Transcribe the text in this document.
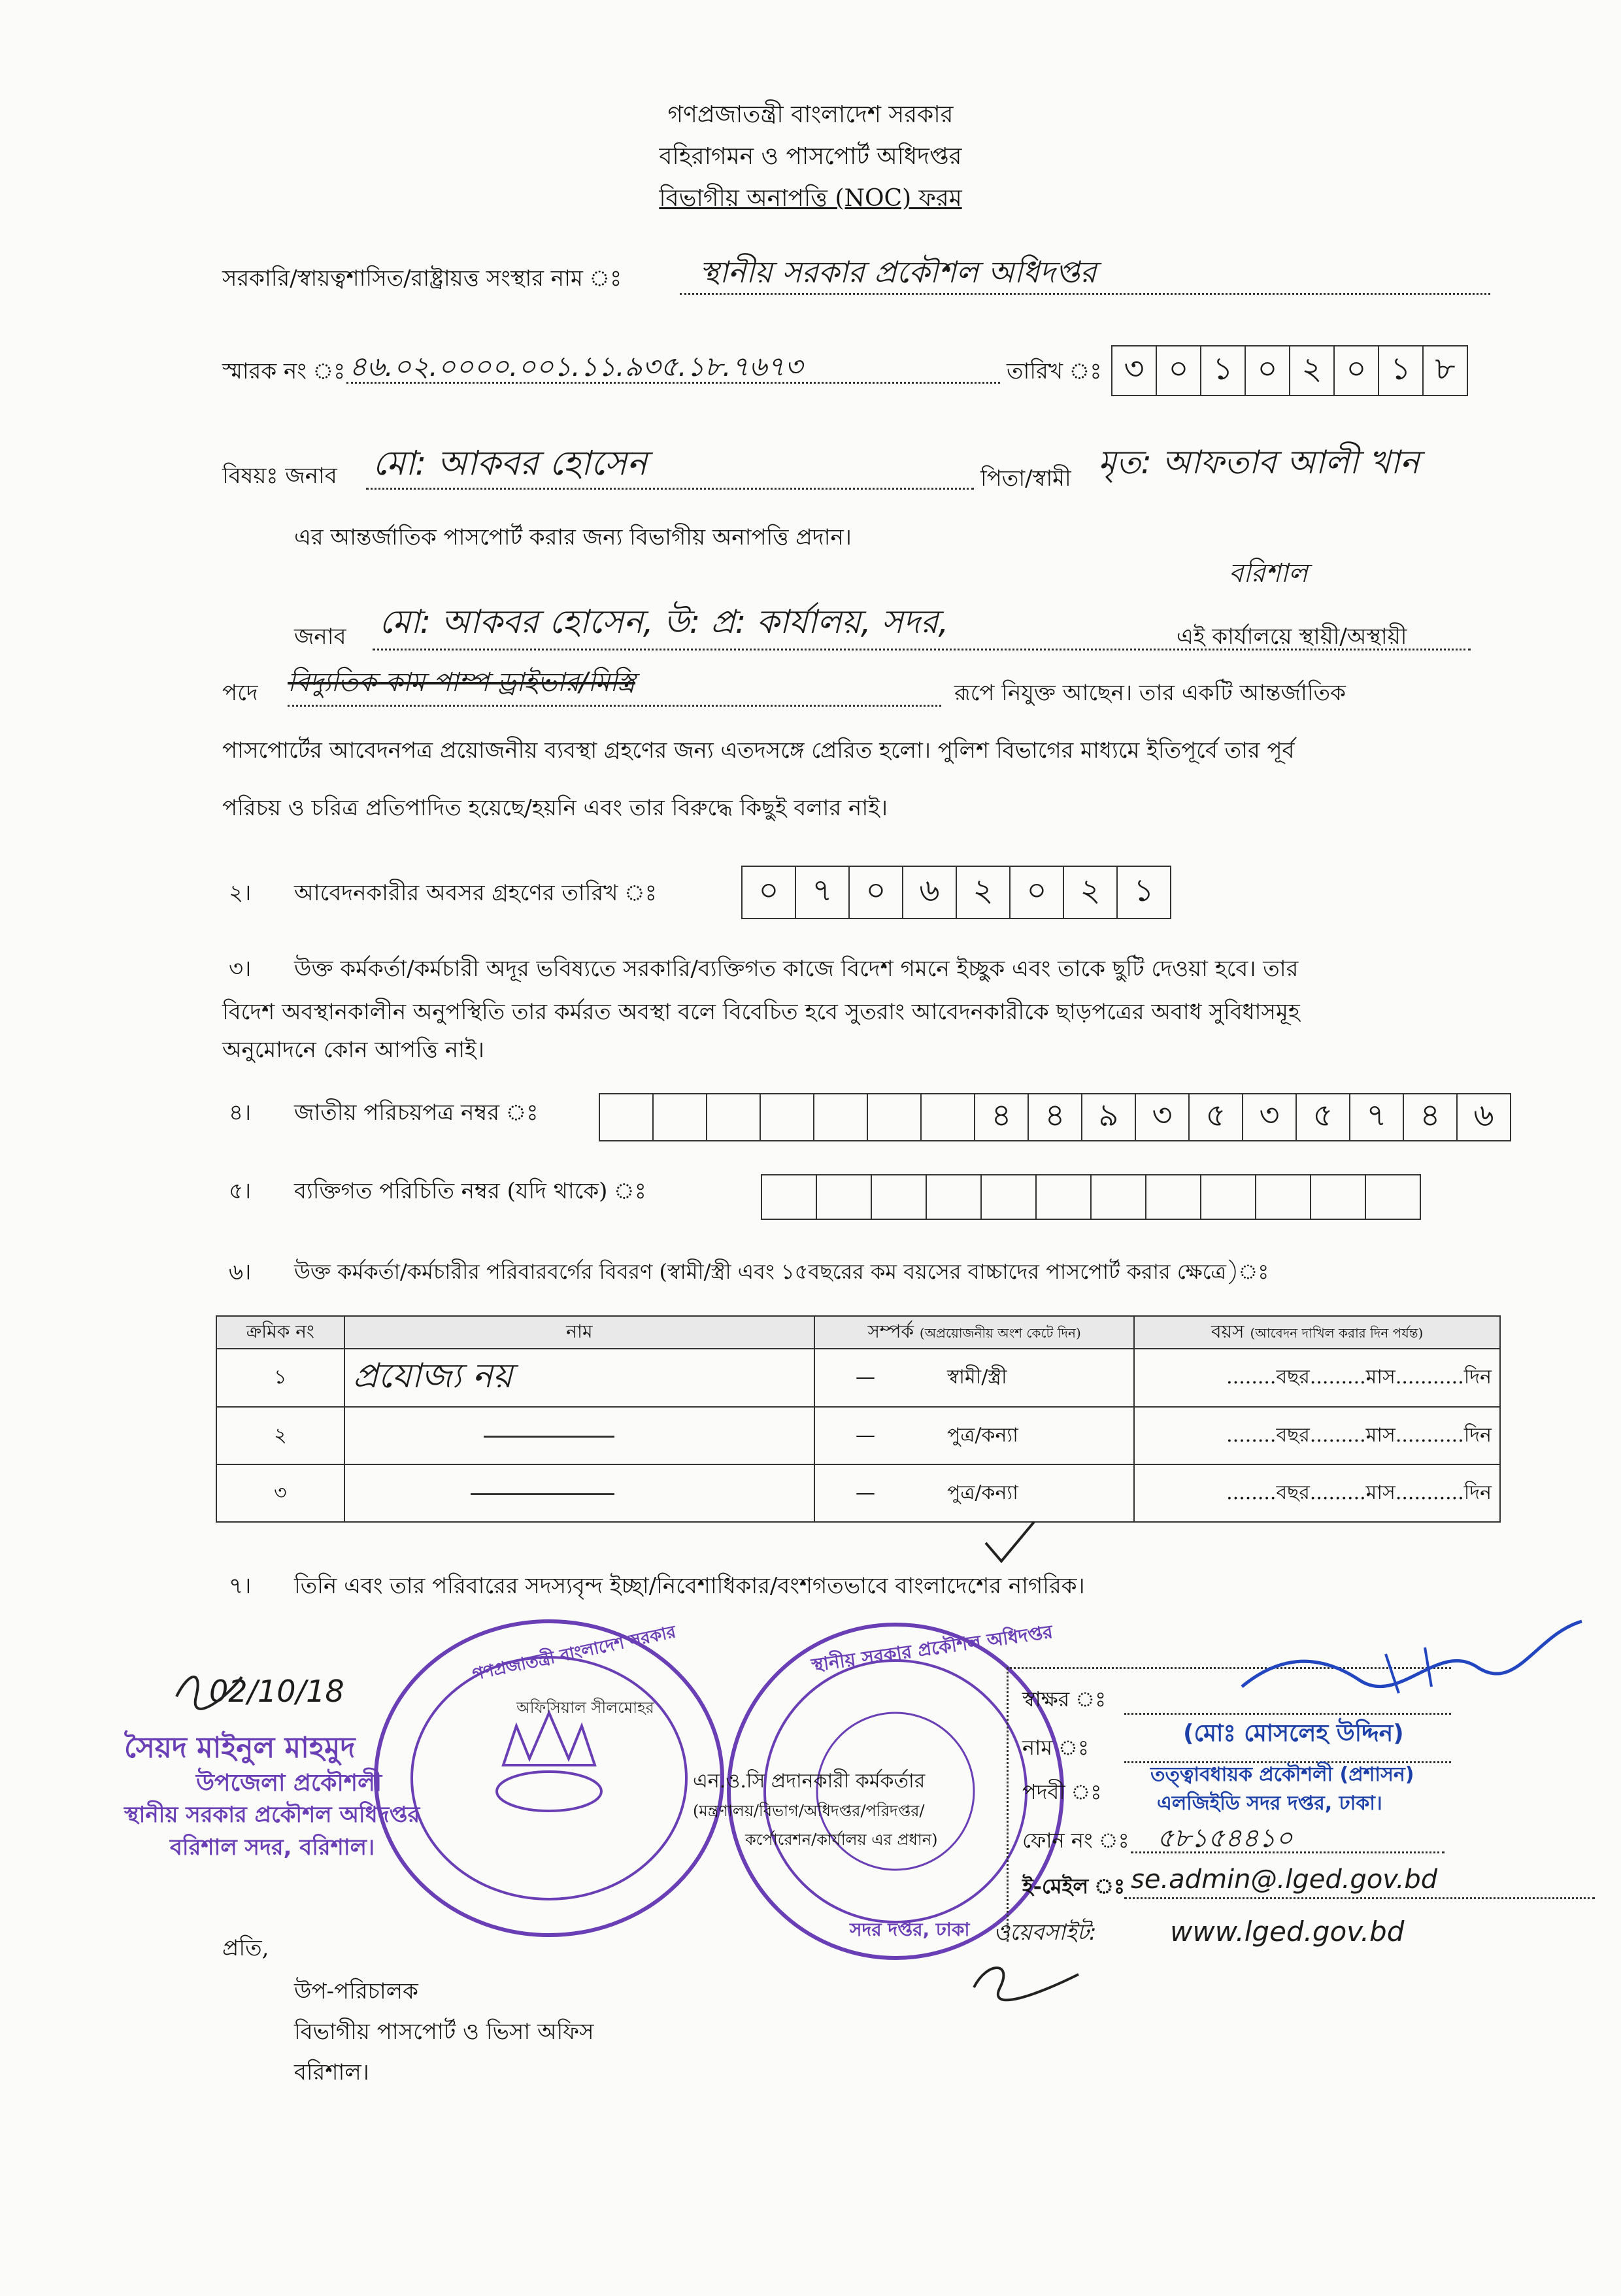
গণপ্রজাতন্ত্রী বাংলাদেশ সরকার
বহিরাগমন ও পাসপোর্ট অধিদপ্তর
বিভাগীয় অনাপত্তি (NOC) ফরম
সরকারি/স্বায়ত্বশাসিত/রাষ্ট্রায়ত্ত সংস্থার নাম ঃ	স্থানীয় সরকার প্রকৌশল অধিদপ্তর
স্মারক নং ঃ ৪৬.০২.০০০০.০০১.১১.৯৩৫.১৮.৭৬৭৩	তারিখ ঃ ৩ ০ ১ ০ ২ ০ ১ ৮
বিষয়ঃ জনাব মো: আকবর হোসেন	পিতা/স্বামী মৃত: আফতাব আলী খান
এর আন্তর্জাতিক পাসপোর্ট করার জন্য বিভাগীয় অনাপত্তি প্রদান।
বরিশাল
জনাব মো: আকবর হোসেন, উ: প্র: কার্যালয়, সদর,	এই কার্যালয়ে স্থায়ী/অস্থায়ী
পদে বিদ্যুতিক কাম পাম্প ড্রাইভার/মিস্ত্রি	রূপে নিযুক্ত আছেন। তার একটি আন্তর্জাতিক
পাসপোর্টের আবেদনপত্র প্রয়োজনীয় ব্যবস্থা গ্রহণের জন্য এতদসঙ্গে প্রেরিত হলো। পুলিশ বিভাগের মাধ্যমে ইতিপূর্বে তার পূর্ব
পরিচয় ও চরিত্র প্রতিপাদিত হয়েছে/হয়নি এবং তার বিরুদ্ধে কিছুই বলার নাই।
২। আবেদনকারীর অবসর গ্রহণের তারিখ ঃ	০	৭	০	৬	২	০	২	১
৩। উক্ত কর্মকর্তা/কর্মচারী অদূর ভবিষ্যতে সরকারি/ব্যক্তিগত কাজে বিদেশ গমনে ইচ্ছুক এবং তাকে ছুটি দেওয়া হবে। তার
বিদেশ অবস্থানকালীন অনুপস্থিতি তার কর্মরত অবস্থা বলে বিবেচিত হবে সুতরাং আবেদনকারীকে ছাড়পত্রের অবাধ সুবিধাসমূহ
অনুমোদনে কোন আপত্তি নাই।
৪। জাতীয় পরিচয়পত্র নম্বর ঃ	৪	৪	৯	৩	৫	৩	৫	৭	৪	৬
৫। ব্যক্তিগত পরিচিতি নম্বর (যদি থাকে) ঃ
৬। উক্ত কর্মকর্তা/কর্মচারীর পরিবারবর্গের বিবরণ (স্বামী/স্ত্রী এবং ১৫বছরের কম বয়সের বাচ্চাদের পাসপোর্ট করার ক্ষেত্রে)ঃ
ক্রমিক নং	নাম	সম্পর্ক (অপ্রয়োজনীয় অংশ কেটে দিন)	বয়স (আবেদন দাখিল করার দিন পর্যন্ত)
১	প্রযোজ্য নয়	— স্বামী/স্ত্রী	........বছর.........মাস...........দিন
২		— পুত্র/কন্যা	........বছর.........মাস...........দিন
৩		— পুত্র/কন্যা	........বছর.........মাস...........দিন
৭। তিনি এবং তার পরিবারের সদস্যবৃন্দ ইচ্ছা/নিবেশাধিকার/বংশগতভাবে বাংলাদেশের নাগরিক।
02/10/18
সৈয়দ মাইনুল মাহমুদ
উপজেলা প্রকৌশলী
স্থানীয় সরকার প্রকৌশল অধিদপ্তর
বরিশাল সদর, বরিশাল।
গণপ্রজাতন্ত্রী বাংলাদেশ সরকার
অফিসিয়াল সীলমোহর
স্থানীয় সরকার প্রকৌশল অধিদপ্তর
সদর দপ্তর, ঢাকা
এন.ও.সি প্রদানকারী কর্মকর্তার
(মন্ত্রণালয়/বিভাগ/অধিদপ্তর/পরিদপ্তর/
কর্পোরেশন/কার্যালয় এর প্রধান)
স্বাক্ষর ঃ
নাম ঃ
(মোঃ মোসলেহ উদ্দিন)
পদবী ঃ
তত্ত্বাবধায়ক প্রকৌশলী (প্রশাসন)
এলজিইডি সদর দপ্তর, ঢাকা।
ফোন নং ঃ ৫৮১৫৪৪১০
ই-মেইল ঃ se.admin@.lged.gov.bd
ওয়েবসাইট:	www.lged.gov.bd
প্রতি,
উপ-পরিচালক
বিভাগীয় পাসপোর্ট ও ভিসা অফিস
বরিশাল।
